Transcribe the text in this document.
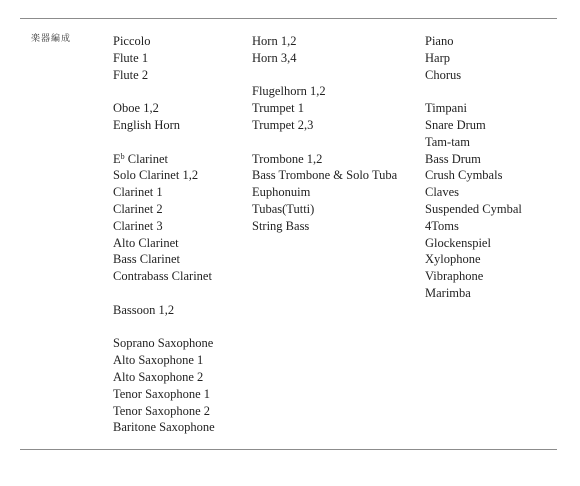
楽器編成	Piccolo
Flute 1
Flute 2
Oboe 1,2
English Horn
$E^b$ Clarinet
Solo Clarinet 1,2
Clarinet 1
Clarinet 2
Clarinet 3
Alto Clarinet
Bass Clarinet
Contrabass Clarinet
Bassoon 1,2
Soprano Saxophone
Alto Saxophone 1
Alto Saxophone 2
Tenor Saxophone 1
Tenor Saxophone 2
Baritone Saxophone
Horn 1,2
Horn 3,4
Flugelhorn 1,2
Trumpet 1
Trumpet 2,3
Trombone 1,2
Bass Trombone & Solo Tuba
Euphonuim
Tubas(Tutti)
String Bass
Piano
Harp
Chorus
Timpani
Snare Drum
Tam-tam
Bass Drum
Crush Cymbals
Claves
Suspended Cymbal
4Toms
Glockenspiel
Xylophone
Vibraphone
Marimba
